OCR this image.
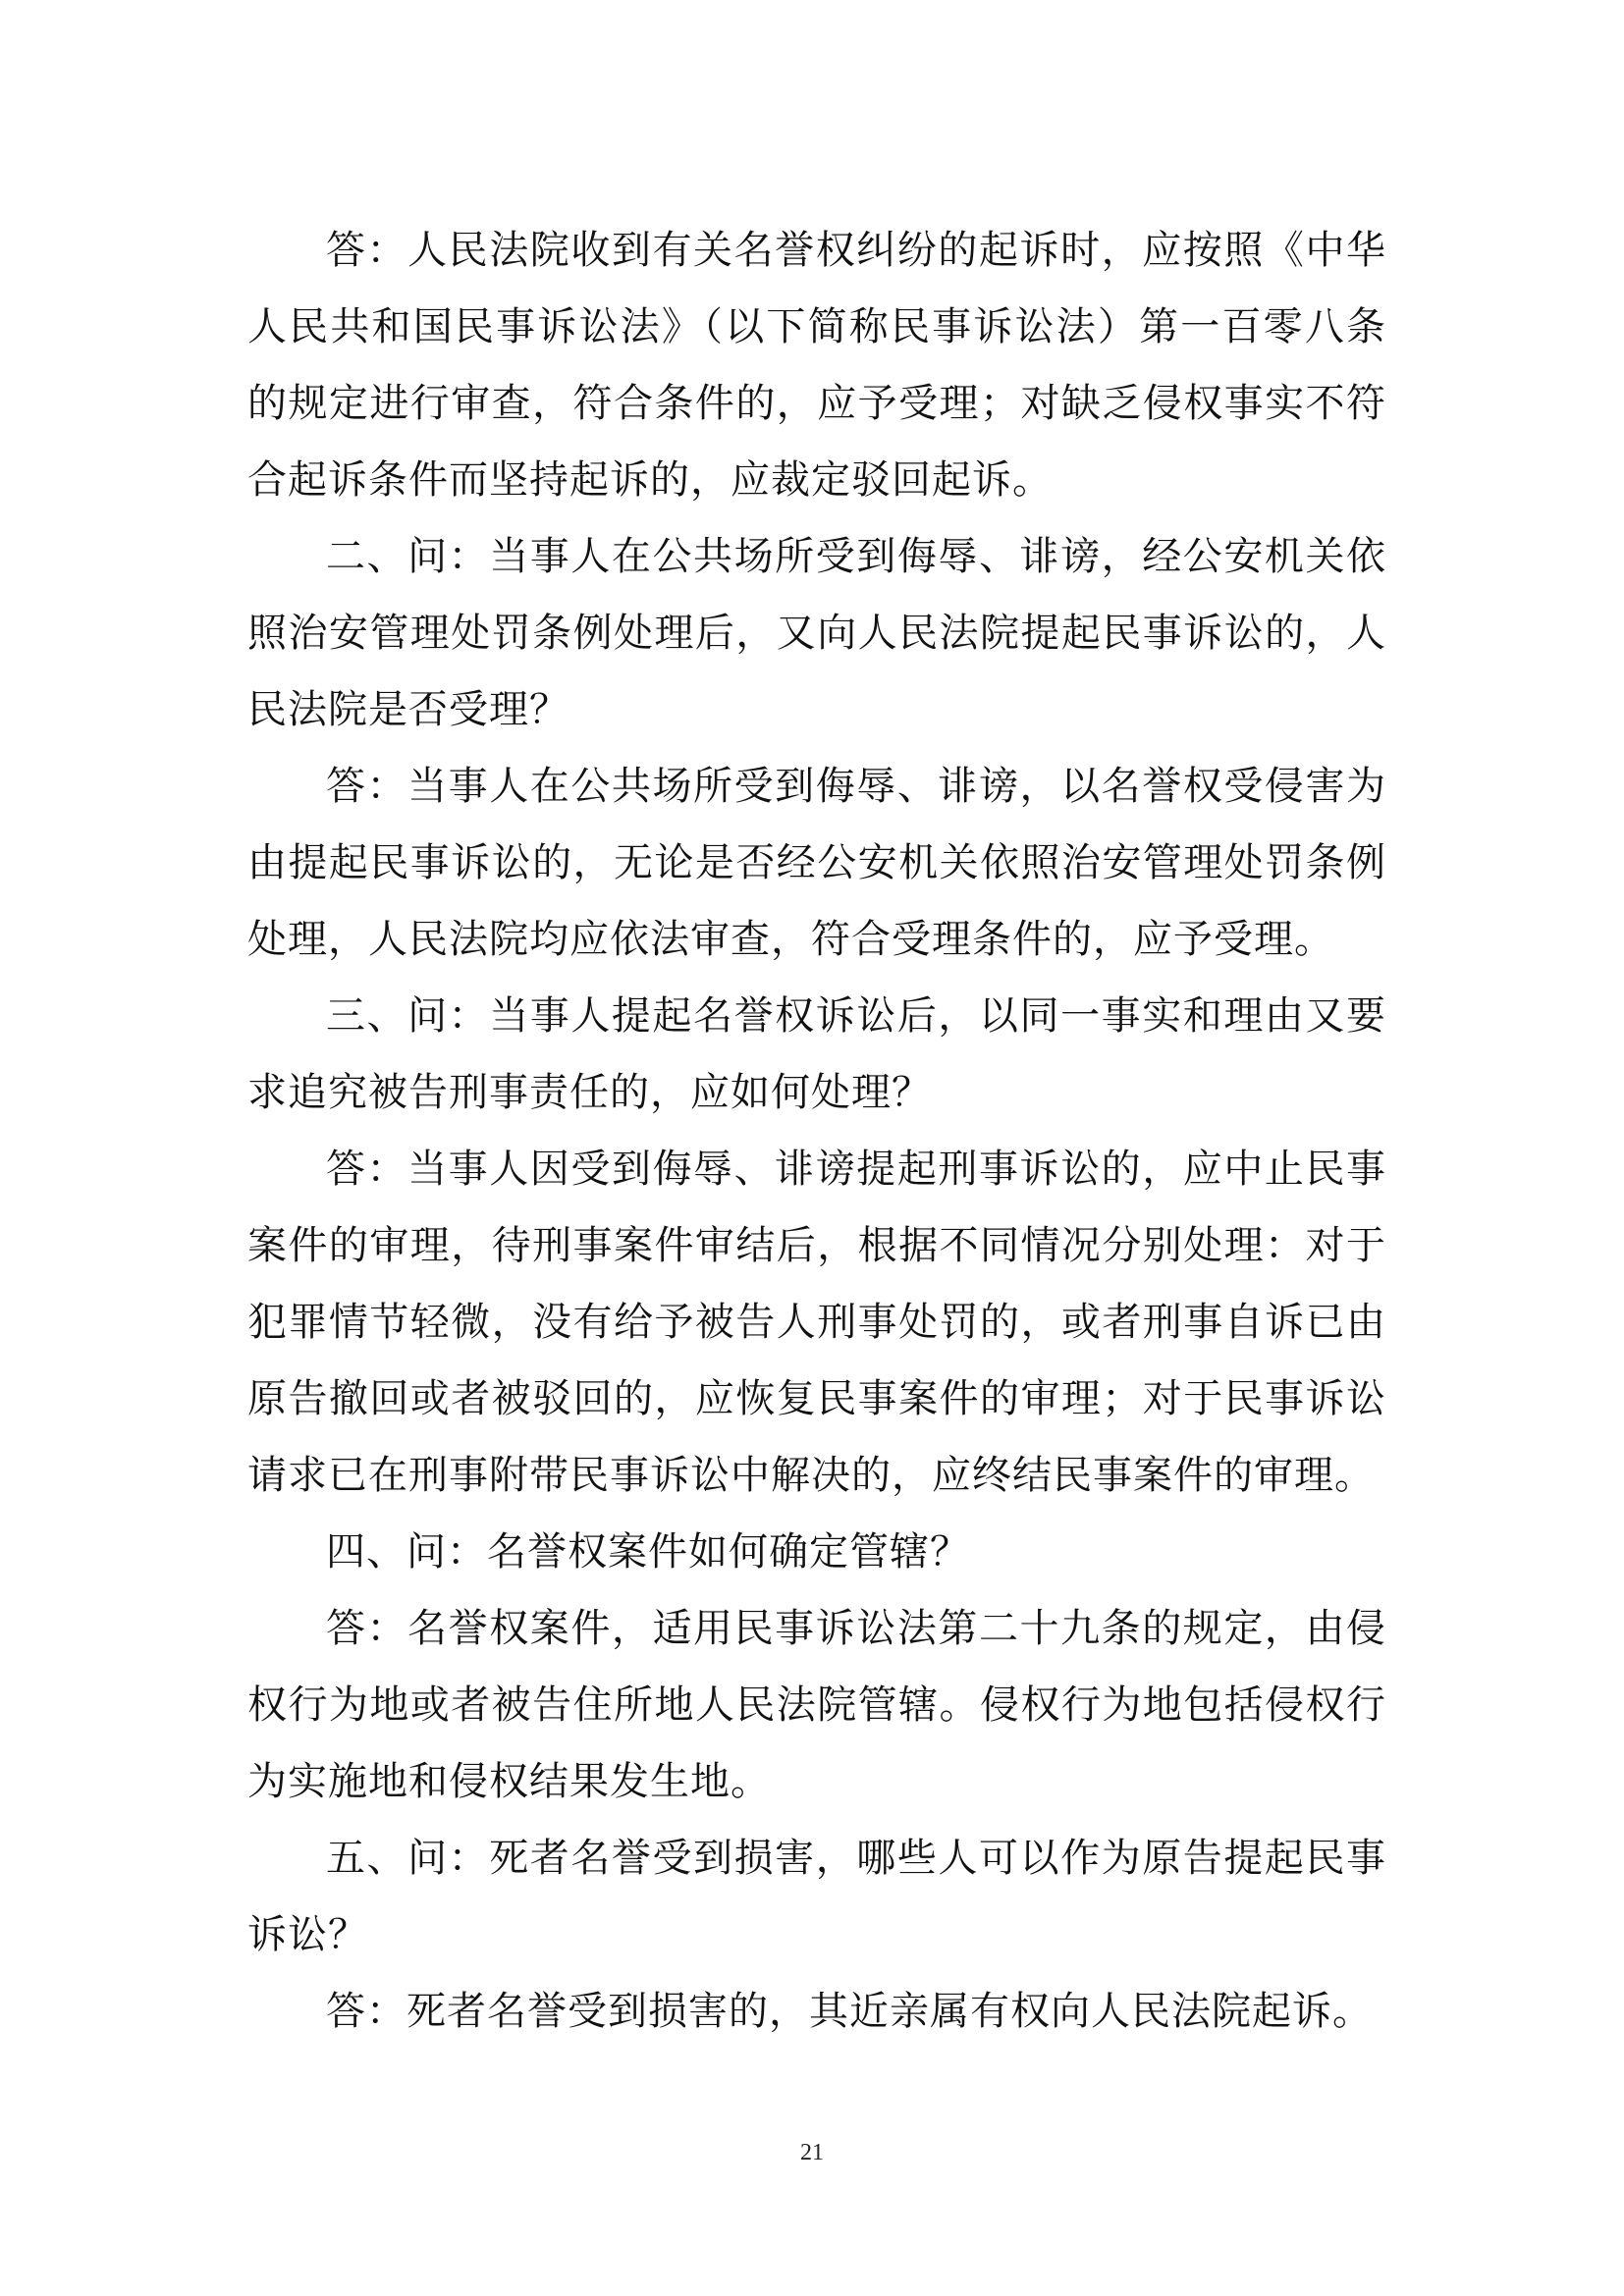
答：人民法院收到有关名誉权纠纷的起诉时，应按照《中华人民共和国民事诉讼法》（以下简称民事诉讼法）第一百零八条的规定进行审查，符合条件的，应予受理；对缺乏侵权事实不符合起诉条件而坚持起诉的，应裁定驳回起诉。

二、问：当事人在公共场所受到侮辱、诽谤，经公安机关依照治安管理处罚条例处理后，又向人民法院提起民事诉讼的，人民法院是否受理？

答：当事人在公共场所受到侮辱、诽谤，以名誉权受侵害为由提起民事诉讼的，无论是否经公安机关依照治安管理处罚条例处理，人民法院均应依法审查，符合受理条件的，应予受理。

三、问：当事人提起名誉权诉讼后，以同一事实和理由又要求追究被告刑事责任的，应如何处理？

答：当事人因受到侮辱、诽谤提起刑事诉讼的，应中止民事案件的审理，待刑事案件审结后，根据不同情况分别处理：对于犯罪情节轻微，没有给予被告人刑事处罚的，或者刑事自诉已由原告撤回或者被驳回的，应恢复民事案件的审理；对于民事诉讼请求已在刑事附带民事诉讼中解决的，应终结民事案件的审理。

四、问：名誉权案件如何确定管辖？

答：名誉权案件，适用民事诉讼法第二十九条的规定，由侵权行为地或者被告住所地人民法院管辖。侵权行为地包括侵权行为实施地和侵权结果发生地。

五、问：死者名誉受到损害，哪些人可以作为原告提起民事诉讼？

答：死者名誉受到损害的，其近亲属有权向人民法院起诉。

21
